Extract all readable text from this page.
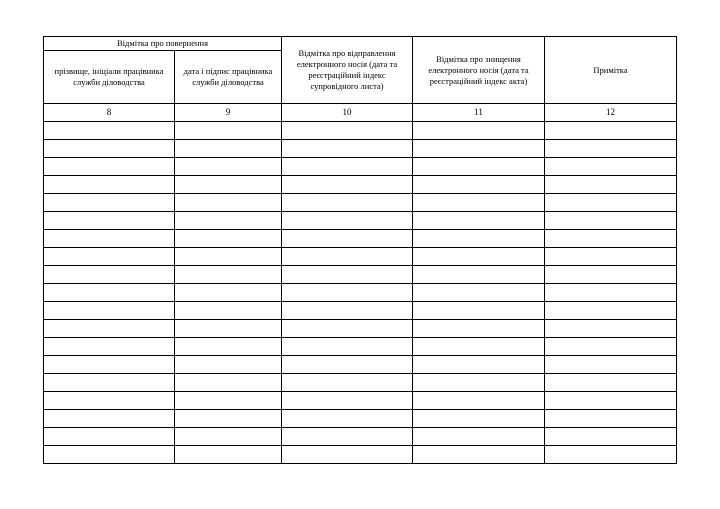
Відмітка про повернення		Відмітка про відправлення електронного носія (дата та реєстраційний індекс супровідного листа)	Відмітка про знищення електронного носія (дата та реєстраційний індекс акта)	Примітка
прізвище, ініціали працівника служби діловодства	дата і підпис працівника служби діловодства			
8	9	10	11	12
